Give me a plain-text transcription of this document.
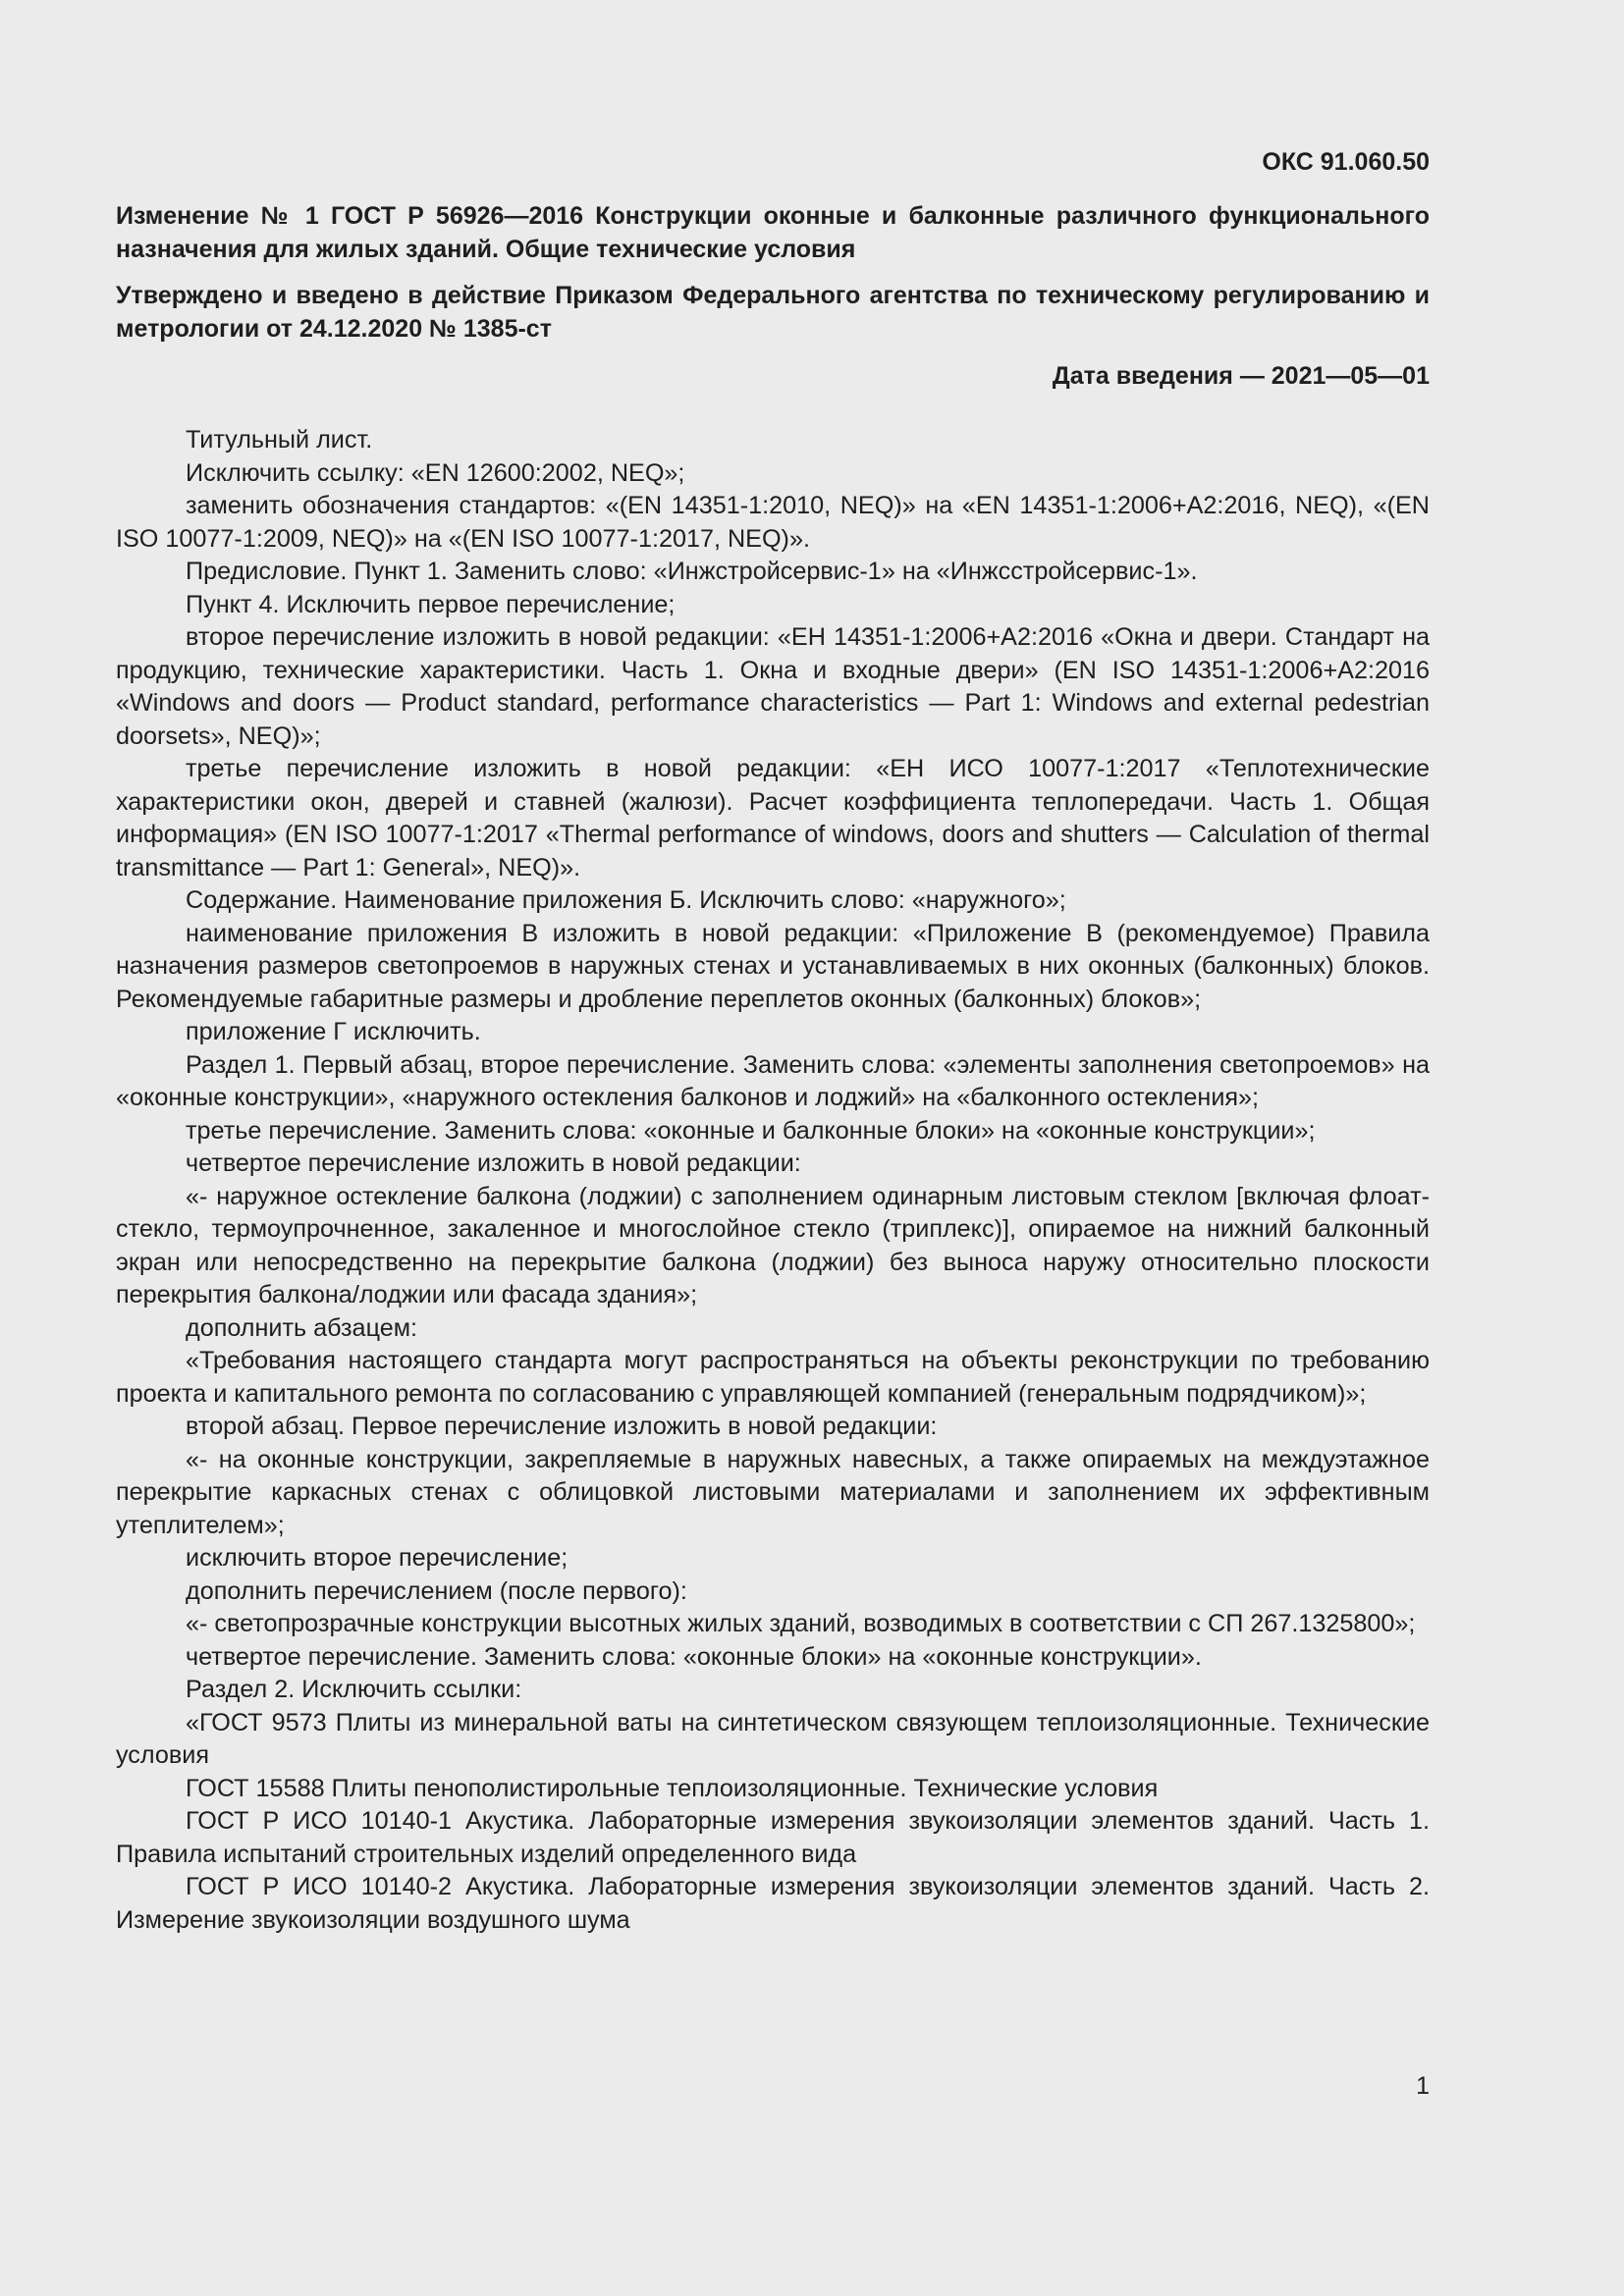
ОКС 91.060.50
Изменение № 1 ГОСТ Р 56926—2016 Конструкции оконные и балконные различного функционального назначения для жилых зданий. Общие технические условия
Утверждено и введено в действие Приказом Федерального агентства по техническому регулированию и метрологии от 24.12.2020 № 1385-ст
Дата введения — 2021—05—01

Титульный лист.

Исключить ссылку: «EN 12600:2002, NEQ»;

заменить обозначения стандартов: «(EN 14351-1:2010, NEQ)» на «EN 14351-1:2006+A2:2016, NEQ), «(EN ISO 10077-1:2009, NEQ)» на «(EN ISO 10077-1:2017, NEQ)».

Предисловие. Пункт 1. Заменить слово: «Инжстройсервис-1» на «Инжсстройсервис-1».

Пункт 4. Исключить первое перечисление;

второе перечисление изложить в новой редакции: «ЕН 14351-1:2006+А2:2016 «Окна и двери. Стандарт на продукцию, технические характеристики. Часть 1. Окна и входные двери» (EN ISO 14351-1:2006+A2:2016 «Windows and doors — Product standard, performance characteristics — Part 1: Windows and external pedestrian doorsets», NEQ)»;

третье перечисление изложить в новой редакции: «ЕН ИСО 10077-1:2017 «Теплотехнические характеристики окон, дверей и ставней (жалюзи). Расчет коэффициента теплопередачи. Часть 1. Общая информация» (EN ISO 10077-1:2017 «Thermal performance of windows, doors and shutters — Calculation of thermal transmittance — Part 1: General», NEQ)».

Содержание. Наименование приложения Б. Исключить слово: «наружного»;

наименование приложения В изложить в новой редакции: «Приложение В (рекомендуемое) Правила назначения размеров светопроемов в наружных стенах и устанавливаемых в них оконных (балконных) блоков. Рекомендуемые габаритные размеры и дробление переплетов оконных (балконных) блоков»;

приложение Г исключить.

Раздел 1. Первый абзац, второе перечисление. Заменить слова: «элементы заполнения светопроемов» на «оконные конструкции», «наружного остекления балконов и лоджий» на «балконного остекления»;

третье перечисление. Заменить слова: «оконные и балконные блоки» на «оконные конструкции»;

четвертое перечисление изложить в новой редакции:

«- наружное остекление балкона (лоджии) с заполнением одинарным листовым стеклом [включая флоат-стекло, термоупрочненное, закаленное и многослойное стекло (триплекс)], опираемое на нижний балконный экран или непосредственно на перекрытие балкона (лоджии) без выноса наружу относительно плоскости перекрытия балкона/лоджии или фасада здания»;

дополнить абзацем:

«Требования настоящего стандарта могут распространяться на объекты реконструкции по требованию проекта и капитального ремонта по согласованию с управляющей компанией (генеральным подрядчиком)»;

второй абзац. Первое перечисление изложить в новой редакции:

«- на оконные конструкции, закрепляемые в наружных навесных, а также опираемых на междуэтажное перекрытие каркасных стенах с облицовкой листовыми материалами и заполнением их эффективным утеплителем»;

исключить второе перечисление;

дополнить перечислением (после первого):

«- светопрозрачные конструкции высотных жилых зданий, возводимых в соответствии с СП 267.1325800»;

четвертое перечисление. Заменить слова: «оконные блоки» на «оконные конструкции».

Раздел 2. Исключить ссылки:

«ГОСТ 9573 Плиты из минеральной ваты на синтетическом связующем теплоизоляционные. Технические условия

ГОСТ 15588 Плиты пенополистирольные теплоизоляционные. Технические условия

ГОСТ Р ИСО 10140-1 Акустика. Лабораторные измерения звукоизоляции элементов зданий. Часть 1. Правила испытаний строительных изделий определенного вида

ГОСТ Р ИСО 10140-2 Акустика. Лабораторные измерения звукоизоляции элементов зданий. Часть 2. Измерение звукоизоляции воздушного шума

1
